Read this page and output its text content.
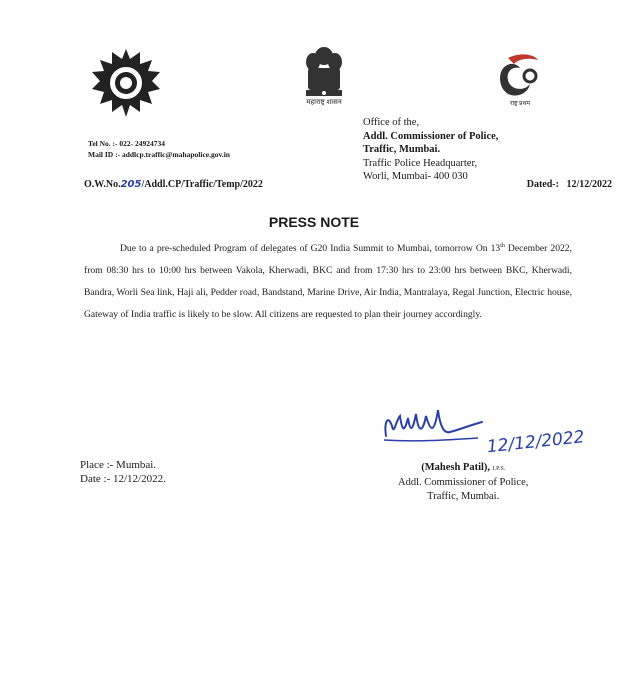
महाराष्ट्र शासन	राष्ट्र प्रथम
Tel No. :- 022- 24924734
Mail ID :- addlcp.traffic@mahapolice.gov.in
Office of the,
Addl. Commissioner of Police,
Traffic, Mumbai.
Traffic Police Headquarter,
Worli, Mumbai- 400 030
O.W.No.205/Addl.CP/Traffic/Temp/2022	Dated-: 12/12/2022
PRESS NOTE
Due to a pre-scheduled Program of delegates of G20 India Summit to Mumbai, tomorrow On 13th December 2022, from 08:30 hrs to 10:00 hrs between Vakola, Kherwadi, BKC and from 17:30 hrs to 23:00 hrs between BKC, Kherwadi, Bandra, Worli Sea link, Haji ali, Pedder road, Bandstand, Marine Drive, Air India, Mantralaya, Regal Junction, Electric house, Gateway of India traffic is likely to be slow. All citizens are requested to plan their journey accordingly.
Place :- Mumbai.
Date :- 12/12/2022.
12/12/2022
(Mahesh Patil), I.P.S.
Addl. Commissioner of Police,
Traffic, Mumbai.
